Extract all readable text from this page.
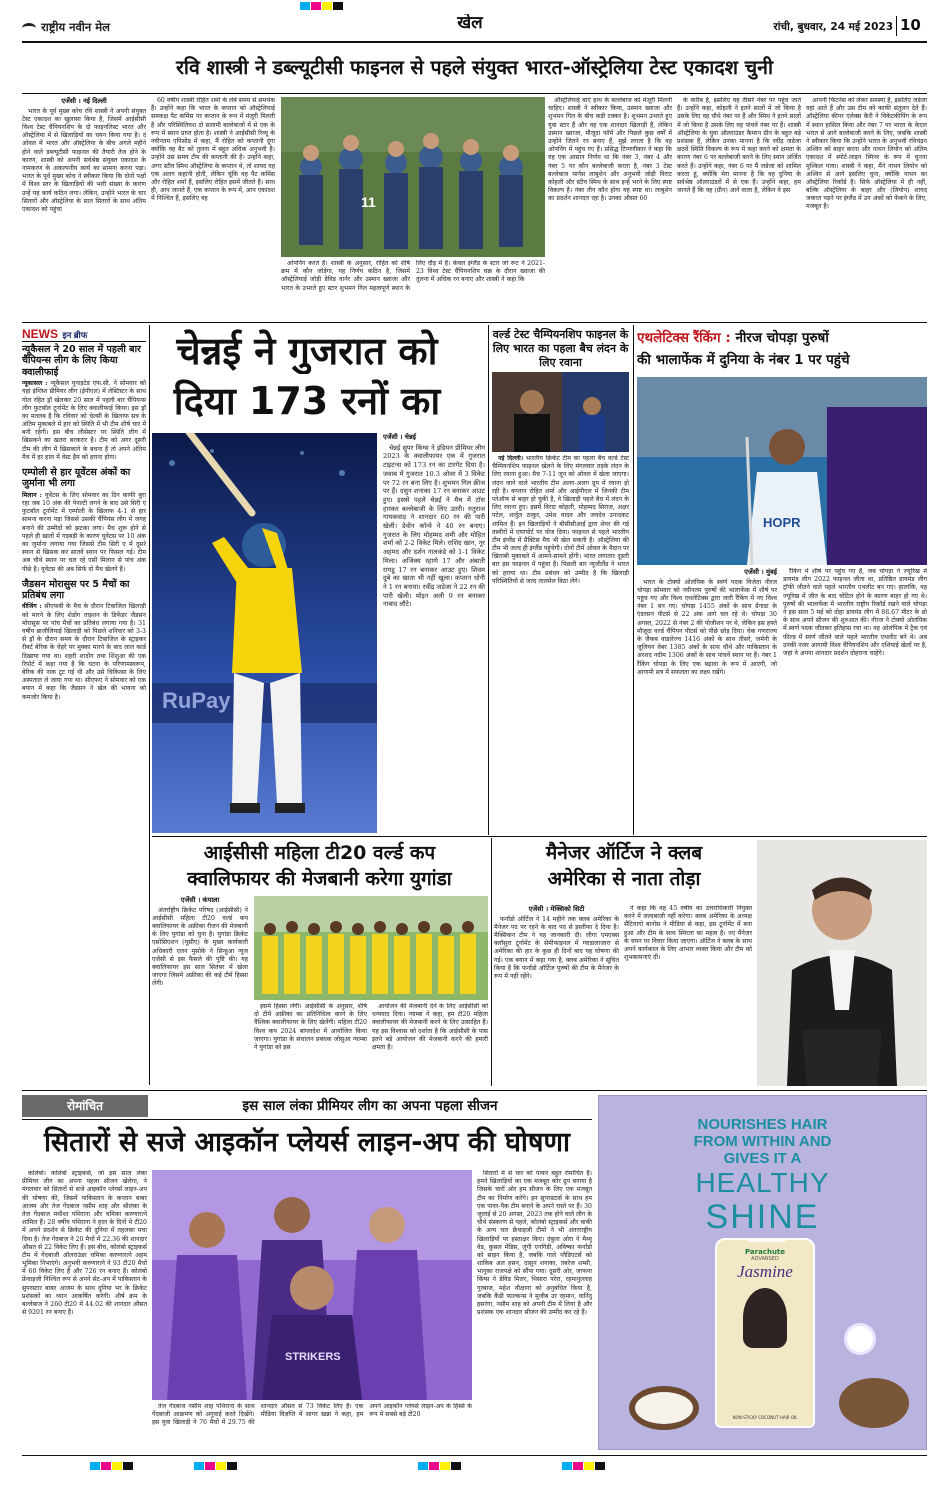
राष्ट्रीय नवीन मेल	खेल	रांची, बुधवार, 24 मई 2023 10
रवि शास्त्री ने डब्ल्यूटीसी फाइनल से पहले संयुक्त भारत-ऑस्ट्रेलिया टेस्ट एकादश चुनी
एजेंसी । नई दिल्ली

भारत के पूर्व मुख्य कोच रवि शास्त्री ने अपनी संयुक्त टेस्ट एकादश का खुलासा किया है, जिसमें आईसीसी विश्व टेस्ट चैंपियनशिप के दो फाइनलिस्ट भारत और ऑस्ट्रेलिया में से खिलाड़ियों का चयन किया गया है। दं ओवल में भारत और ऑस्ट्रेलिया के बीच अगले महीने होने वाले डब्ल्यूटीसी फाइनल की तैयारी तेज होने के कारण, शास्त्री को अपनी सर्वश्रेष्ठ संयुक्त एकादश के नामकरण के अकल्पनीय कार्य का सामना करना पड़ा। भारत के पूर्व मुख्य कोच ने स्वीकार किया कि दोनों पक्षों में विश्व स्तर के खिलाड़ियों की भारी संख्या के कारण उन्हें यह कार्य कठिन लगा। लेकिन, उन्होंने भारत के चार सितारों और ऑस्ट्रेलिया के सात सितारों के साथ अंतिम एकादश को पहुंचा

60 वर्षीय शास्त्री रोहित शर्मा के लंबे समय से समर्थक हैं। उन्होंने कहा कि भारत के कप्तान को ऑस्ट्रेलियाई समकक्ष पैट कमिंस पर कप्तान के रूप में मंजूरी मिलती है और परिस्थितिवश दो सलामी बल्लेबाजों में से एक के रूप में स्थान प्राप्त होता है। शास्त्री ने आईसीसी रिव्यू के नवीनतम एपिसोड में कहा, मैं रोहित को कप्तानी दूंगा क्योंकि वह बैट को तुलना में बहुत अधिक अनुभवी है। उन्होंने उस समय टीम की कप्तानी की है। उन्होंने कहा, अगर स्टीव स्मिथ ऑस्ट्रेलिया के कप्तान थे, तो शायद वह एक अलग कहानी होती, लेकिन चूंकि वह पैट कमिंस और रोहित शर्मा हैं, इसलिए रोहित इसमें जीतते हैं। साथ ही, आप जानते हैं, एक कप्तान के रूप में, आप एकादश में निश्चित हैं, इसलिए वह	11

ओपनिंग करते हैं। शास्त्री के अनुसार, रोहित को शीर्ष क्रम में कौन जोड़ेगा, यह निर्णय कठिन है, जिसमें ऑस्ट्रेलियाई जोड़ी डेविड वार्नर और उस्मान ख्वाजा और भारत के उभरते हुए स्टार शुभमन गिल महत्वपूर्ण स्थान के लिए दौड़ में हैं। केवल इंग्लैंड के स्टार जो रूट ने 2021-23 विश्व टेस्ट चैंपियनशिप चक्र के दौरान ख्वाजा की तुलना में अधिक रन बनाए और शास्त्री ने कहा कि

ऑस्ट्रेलियाई बाएं हाथ के बल्लेबाज को मंजूरी मिलनी चाहिए। शास्त्री ने स्वीकार किया, उस्मान ख्वाजा और शुभमन गिल के बीच कड़ी टक्कर है। शुभमन उभरते हुए युवा स्टार हैं और वह एक शानदार खिलाड़ी हैं, लेकिन उस्मान ख्वाजा, मौजूदा फॉर्म और पिछले कुछ वर्षों में उन्होंने जितने रन बनाए हैं, मुझे लगता है कि वह ओपनिंग में पहुंच गए हैं। प्रसिद्ध टिप्पणीकार ने कहा कि वह एक आसान निर्णय था कि नंबर 3, नंबर 4 और नंबर 5 पर कौन बल्लेबाजी करता है, नंबर 3 टेस्ट बल्लेबाज मार्नस लाबुशेन और अनुभवी जोड़ी विराट कोहली और स्टीव स्मिथ के साथ इन्हें भरने के लिए स्पष्ट विकल्प है। नंबर तीन कौन होगा यह स्पष्ट था। लाबुशेन का प्रदर्शन शानदार रहा है। उनका औसत 60

के करीब है, इसलिए वह तीसरे नंबर पर पहुंच जाते हैं। उन्होंने कहा, कोहली ने इतने सालों में जो किया है उसके लिए वह चौथे नंबर पर हैं और स्मिथ ने इतने सालों में जो किया है उसके लिए वह पांचवें नंबर पर हैं। शास्त्री ऑस्ट्रेलिया के युवा ऑलराउंडर कैमरन ग्रीन के बहुत बड़े प्रशंसक हैं, लेकिन उनका मानना है कि रवींद्र जडेजा छठवें स्थिति विकल्प के रूप में कहा करने को क्षमता के कारण नंबर 6 पर बल्लेबाजी करने के लिए स्थान अर्जित करते हैं। उन्होंने कहा, नंबर 6 पर मैं जडेजा को शामिल करता हूं, क्योंकि मेरा मानना है कि वह दुनिया के सर्वश्रेष्ठ ऑलराउंडरों में से एक हैं। उन्होंने कहा, हम जानते हैं कि वह (ग्रीन) आने वाला है, लेकिन वे इस

आपनी फिटनेस को लेकर समस्या है, इसलिए जडेजा वहां आते हैं और उस टीम को काफी संतुलन देते हैं। ऑस्ट्रेलिया कीपर एलेक्स कैरी ने विकेटकीपिंग के रूप में स्थान हासिल किया और नंबर 7 पर भारत के केएल भारत से आगे बल्लेबाजी करने के लिए, जबकि शास्त्री ने स्वीकार किया कि उन्होंने भारत के अनुभवी रविचंद्रन अश्विन को बाहर करना और नाथन लियोन को अंतिम एकादश में स्पोर्ट-लाइन स्पिनर के रूप में चुनना मुश्किल पाया। शास्त्री ने कहा, मैंने नाथन लियोन को अश्विन से आगे इसलिए चुना, क्योंकि नाथन का ऑस्ट्रेलिया रिकॉर्ड है। सिर्फ ऑस्ट्रेलिया में ही नहीं, बल्कि ऑस्ट्रेलिया के बाहर और (लियोन) शायद जकरत पड़ने पर इंग्लैंड में उन अंकों को फेंकने के लिए, मजबूत है।

NEWS इन ब्रीफ
न्यूकैसल ने 20 साल में पहली बार चैंपियन्स लीग के लिए किया क्वालीफाई

न्यूकासल : न्यूकैसल युनाइटेड एफ.सी. ने सोमवार को यहां इंग्लिश प्रीमियर लीग (ईपीएल) में लेस्टिस्टर के साथ गोल रहित ड्रॉ खेलकर 20 साल में पहली बार चैंपियन्स लीग फुटबॉल टूर्नामेंट के लिए क्वालीफाई किया। इस ड्रॉ का मतलब है कि रविवार को चेल्सी के खिलाफ सत्र के अंतिम मुकाबले में हार को स्थिति में भी टीम शीर्ष चार में बनी रहेगी। इस बीच लीसेस्टर पर स्थिति लीग में खिसकने का खतरा बरकरार है। टीम को अगर दूसरी टीम की लीग में खिसकाने के बचना है तो अपने अंतिम मैच में हर हाल में वेस्ट हैम को हराना होगा।

एम्पोली से हार यूवेंटस अंकों का जुर्माना भी लगा

मिलान : यूवेंटस के लिए सोमवार का दिन काफी बुरा रहा जब 10 अंक की पेनल्टी लगने के बाद उसे सिरी ए फुटबॉल टूर्नामेंट में एम्पोली के खिलाफ 4-1 से हार सामना करना पड़ा जिससे उसकी चैंपियंस लीग में जगह बनाने की उम्मीदों को झटका लगा। मैच शुरू होने से पहले ही खातों में गड़बड़ी के कारण यूवेंटस पर 10 अंक का जुर्माना लगाया गया जिससे टीम सिरी ए में दूसरे स्थान से खिसक कर सातवें स्थान पर फिसल गई। टीम अब चौथे स्थान पर चल रहे एसी मिलान से पांच अंक पीछे है। यूवेंटस की अब सिर्फ दो मैच खेलने हैं।

जैडसन मोरासुस पर 5 मैचों का प्रतिबंध लगा

वीजिंग : सीएफबी के मैच के दौरान टिबाजिल खिलाड़ी को मारने के लिए शेडोंग ताइशन के डिफेंडर जैडसन मोरासुस पर पांच मैचों का प्रतिबंध लगाया गया है। 31 वर्षीय ब्राजीलियाई खिलाड़ी को पिछले शनिवार को 3-3 से ड्रॉ के दौरान समय के दौरान टिबाजिल के स्ट्राइकर रीबर्ट बेरिक के चेहरे पर मुक्का मारने के बाद लाल कार्ड दिखाया गया था। शहरी शादोंग तथा शिंशुआ की एक रिपोर्ट में कहा गया है कि घटना के परिणामस्वरूप, बेरिक की नाक टूट गई थी और उसे चिकित्सा के लिए अस्पताल ले जाया गया था। सीएफए ने सोमवार को एक बयान में कहा कि जैडसन ने खेल की भावना को कमजोर किया है।

चेन्नई ने गुजरात को
दिया 173 रनों का
RuPay
एजेंसी । चेन्नई

चेन्नई सुपर किंग्स ने इंडियन प्रीमियर लीग 2023 के क्वालीफायर एक में गुजरात टाइटन्स को 173 रन का टारगेट दिया है। जवाब में गुजरात 10.3 ओवर में 3 विकेट पर 72 रन बना लिए है। शुभमन गिल क्रीज पर हैं। दसुन शनाका 17 रन बनाकर आउट हुए। इससे पहले चेन्नई ने मैच में टॉस हारकर बल्लेबाजी के लिए उतरी। रुतुराज गायकवाड़ ने शानदार 60 रन की पारी खेली। डेवोन कॉन्वे ने 40 रन बनाए। गुजरात के लिए मोहम्मद शमी और मोहित शर्मा को 2-2 विकेट मिले। राशिद खान, नूर अहमद और दर्शन नालकंडे को 1-1 विकेट मिला। अजिंक्य रहाणे 17 और अंबाती रायडू 17 रन बनाकर आउट हुए। शिवम दुबे का खाता भी नहीं खुला। कप्तान धोनी ने 1 रन बनाया। रवींद्र जडेजा ने 22 रन की पारी खेली। मोइन अली 9 रन बनाकर नाबाद लौटे।

वर्ल्ड टेस्ट चैम्पियनशिप फाइनल के लिए भारत का पहला बैच लंदन के लिए रवाना

नई दिल्ली। भारतीय क्रिकेट टीम का पहला बैच वर्ल्ड टेस्ट चैम्पियनशिप फाइनल खेलने के लिए मंगलवार तड़के लंदन के लिए रवाना हुआ। मैच 7-11 जून को ओवल में खेला जाएगा। लंदन जाने वाले भारतीय टीम अलग-अलग ग्रुप में रवाना हो रही है। कप्तान रोहित शर्मा और आईपीएल में जिनकी टीम प्लेऑफ से बाहर हो चुकी है, वे खिलाड़ी पहले बैच में लंदन के लिए रवाना हुए। इसमें विराट कोहली, मोहम्मद सिराज, अक्षर पटेल, शार्दुल ठाकुर, उमेश यादव और जयदेव उनादकट शामिल हैं। इन खिलाड़ियों ने बीसीसीआई द्वारा शेयर की गई तस्वीरों में एयरपोर्ट पर पोज दिया। फाइनल से पहले भारतीय टीम इंग्लैंड में प्रैक्टिस मैच भी खेल सकती है। ऑस्ट्रेलिया की टीम भी जल्द ही इंग्लैंड पहुंचेगी। दोनों टीमें ओवल के मैदान पर खिताबी मुकाबले में आमने-सामने होंगी। भारत लगातार दूसरी बार इस फाइनल में पहुंचा है। पिछली बार न्यूजीलैंड ने भारत को हराया था। टीम प्रबंधन को उम्मीद है कि खिलाड़ी परिस्थितियों से जल्द तालमेल बिठा लेंगे।

एथलेटिक्स रैंकिंग : नीरज चोपड़ा पुरुषों
की भालाफेंक में दुनिया के नंबर 1 पर पहुंचे
HOPR
एजेंसी । मुंबई

भारत के टोक्यो ओलंपिक के स्वर्ण पदक विजेता नीरज चोपड़ा सोमवार को नवीनतम पुरुषों की भालाफेंक में शीर्ष पर पहुंच गए और विश्व एथलेटिक्स द्वारा जारी रैंकिंग में नए विश्व नंबर 1 बन गए। चोपड़ा 1455 अंकों के साथ ग्रेनाडा के एंडरसन पीटर्स से 22 अंक आगे चल रहे थे। चोपड़ा 30 अगस्त, 2022 से नंबर 2 की पोजीशन पर थे, लेकिन इस हफ्ते मौजूदा वर्ल्ड चैंपियन पीटर्स को पीछे छोड़ दिया। चेक गणराज्य के जैकब वाडलेज्च 1416 अंकों के साथ तीसरे, जर्मनी के जूलियन वेबर 1385 अंकों के साथ चौथे और पाकिस्तान के अरशद नदीम 1306 अंकों के साथ पांचवें स्थान पर हैं। नंबर 1 रैंकिंग चोपड़ा के लिए एक बढ़ावा के रूप में आएगी, जो आगामी सत्र में सफलता का लक्ष्य रखेंगे।

रैंकिंग में शीर्ष पर पहुंच गए हैं, जब चोपड़ा ने ज्यूरिख में डायमंड लीग 2022 फाइनल जीता था, प्रतिष्ठित डायमंड लीग ट्रॉफी जीतने वाले पहले भारतीय एथलीट बन गए। हालांकि, वह ज्यूरिख में जीत के बाद चोटिल होने के कारण बाहर हो गए थे। पुरुषों की भालाफेंक में भारतीय राष्ट्रीय रिकॉर्ड रखने वाले चोपड़ा ने इस साल 5 मई को दोहा डायमंड लीग में 88.67 मीटर के थ्रो के साथ अपने सीजन की शुरुआत की। नीरज ने टोक्यो ओलंपिक में स्वर्ण पदक जीतकर इतिहास रचा था। वह ओलंपिक में ट्रैक एवं फील्ड में स्वर्ण जीतने वाले पहले भारतीय एथलीट बने थे। अब उनकी नजर आगामी विश्व चैंपियनशिप और एशियाई खेलों पर है, जहां वे अपना शानदार प्रदर्शन दोहराना चाहेंगे।

आईसीसी महिला टी20 वर्ल्ड कप
क्वालिफायर की मेजबानी करेगा युगांडा
एजेंसी । कंपाला

अंतर्राष्ट्रीय क्रिकेट परिषद (आईसीसी) ने आईसीसी महिला टी20 वर्ल्ड कप क्वालिफायर के अफ्रीका रीजन की मेजबानी के लिए युगांडा को चुना है। युगांडा क्रिकेट एसोसिएशन (यूसीए) के मुख्य कार्यकारी अधिकारी एलन मुसोके ने सिन्हुआ न्यूज एजेंसी से इस फैसले की पुष्टि की। यह क्वालिफायर इस साल सितंबर में खेला जाएगा जिसमें अफ्रीका की कई टीमें हिस्सा लेंगी।

इसमें हिस्सा लेंगी। आईसीसी के अनुसार, शीर्ष दो टीमें अफ्रीका का प्रतिनिधित्व करने के लिए वैश्विक क्वालीफायर के लिए खेलेंगी। महिला टी20 विश्व कप 2024 बांग्लादेश में आयोजित किया जाएगा। युगांडा के संचालन प्रबंधक जोसुआ न्याम्बा ने युगांडा को इस

आयोजन की मेजबानी देने के लिए आईसीसी को धन्यवाद दिया। न्याम्बा ने कहा, हम टी20 महिला क्वालीफायर की मेजबानी करने के लिए उत्साहित हैं। यह इस विश्वास को दर्शाता है कि आईसीसी के पास इतने बड़े आयोजन की मेजबानी करने की हमारी क्षमता है।

मैनेजर ऑर्टिज ने क्लब
अमेरिका से नाता तोड़ा
एजेंसी । मेक्सिको सिटी

फर्नांडो ऑर्टिज ने 14 महीने तक क्लब अमेरिका के मैनेजर पद पर रहने के बाद पद से इस्तीफा दे दिया है। मैक्सिकन टीम ने यह जानकारी दी। लीगा एमएक्स क्लॉसुरा टूर्नामेंट के सेमीफाइनल में ग्वाडालाजारा से अमेरिका की हार के कुछ ही दिनों बाद यह घोषणा की गई। एक बयान में कहा गया है, क्लब अमेरिका ने सूचित किया है कि फर्नांडो ऑर्टिज पुरुषों की टीम के मैनेजर के रूप में नहीं रहेंगे।

ने कहा कि वह 45 वर्षीय का उत्तराधिकारी नियुक्त करने में जल्दबाजी नहीं करेगा। क्लब अमेरिका के अध्यक्ष सैंटियागो बानोस ने मीडिया से कहा, इस टूर्नामेंट में बना हुआ और टीम के साथ स्थिरता का महत्व है। नए मैनेजर के चयन पर विचार किया जाएगा। ऑर्टिज ने क्लब के साथ अपने कार्यकाल के लिए आभार व्यक्त किया और टीम को शुभकामनाएं दीं।

रोमांचित	इस साल लंका प्रीमियर लीग का अपना पहला सीजन
सितारों से सजे आइकॉन प्लेयर्स लाइन-अप की घोषणा

कोलंबो। कोलंबो स्ट्राइकर्स, जो इस साल लंका प्रीमियर लीग का अपना पहला सीजन खेलेगा, ने मंगलवार को सितारों से सजे आइकॉन प्लेयर्स लाइन-अप की घोषणा की, जिसमें पाकिस्तान के कप्तान बाबर आजम और तेज गेंदबाज नसीम शाह और श्रीलंका के तेज गेंदबाज मथीशा पथिराना और चमिका करुणारत्ने शामिल हैं। 28 वर्षीय पथिराना ने हाल के दिनों में टी20 में अपने प्रदर्शन से क्रिकेट की दुनिया में तहलका मचा दिया है। तेज गेंदबाज ने 20 मैचों में 22.36 की शानदार औसत से 22 विकेट लिए हैं। इस बीच, कोलंबो स्ट्राइकर्स टीम में गेंदबाजी ऑलराउंडर चमिका करुणारत्ने अहम भूमिका निभाएंगे। अनुभवी करुणारत्ने ने 93 टी20 मैचों में 60 विकेट लिए हैं और 726 रन बनाए हैं। कोलंबो फ्रेंचाइजी निश्चित रूप से अपने सेट-अप में पाकिस्तान के सुपरस्टार बाबर आजम के साथ दुनिया भर के क्रिकेट प्रशंसकों का ध्यान आकर्षित करेगी। शीर्ष क्रम के बल्लेबाज ने 260 टी20 में 44.02 की शानदार औसत से 9201 रन बनाए हैं।

STRIKERS

तेज गेंदबाज नसीम शाह पथिराना के साथ गेंदबाजी आक्रमण को अगुवाई करते दिखेंगे। इस युवा खिलाड़ी ने 76 मैचों में 29.75 की शानदार औसत से 73 विकेट लिए हैं। एक मीडिया विज्ञप्ति में सागर खन्ना ने कहा, हम अपने आइकॉन प्लेयर्स लाइन-अप के हिस्से के रूप में सबसे बड़े टी20

सितारों में से चार को पाकर बहुत रोमांचित हैं। हमने खिलाड़ियों का एक मजबूत कोर ग्रुप बनाया है जिसके चारों ओर हम सीजन के लिए एक मजबूत टीम का निर्माण करेंगे। इन सुपरस्टार्स के साथ हम एक पावर-पैक टीम बनाने के अपने रास्ते पर हैं। 30 जुलाई से 20 अगस्त, 2023 तक होने वाले लीग के चौथे संस्करण से पहले, कोलंबो स्ट्राइकर्स और बाकी के अन्य चार फ्रेंचाइजी टीमों ने भी अंतरराष्ट्रीय खिलाड़ियों पर हस्ताक्षर किए। दंबुला ओरा ने मैथ्यू वेड, कुसल मेंडिस, लुंगी एनगिडी, अविष्का फर्नांडो को साइन किया है, जबकि गाले ग्लैडिएटर्स को शाकिब अल हसन, दासुन शनाका, तबरेज शम्सी, भानुका राजपक्षे को सौंपा गया। दूसरी ओर, जाफना किंग्स ने डेविड मिलर, थिसारा परेरा, रहमानुल्लाह गुरबाज, महेश थीक्षाना को अनुबंधित किया है, जबकि कैंडी फाल्कन्स ने मुजीब उर रहमान, वानिंदु हसरंगा, नसीम शाह को अपनी टीम में लिया है और प्रशंसक एक शानदार सीजन की उम्मीद कर रहे हैं।

NOURISHES HAIR
FROM WITHIN AND
GIVES IT A
HEALTHY
SHINE
Parachute
ADVANSED
Jasmine
NON-STICKY COCONUT HAIR OIL
